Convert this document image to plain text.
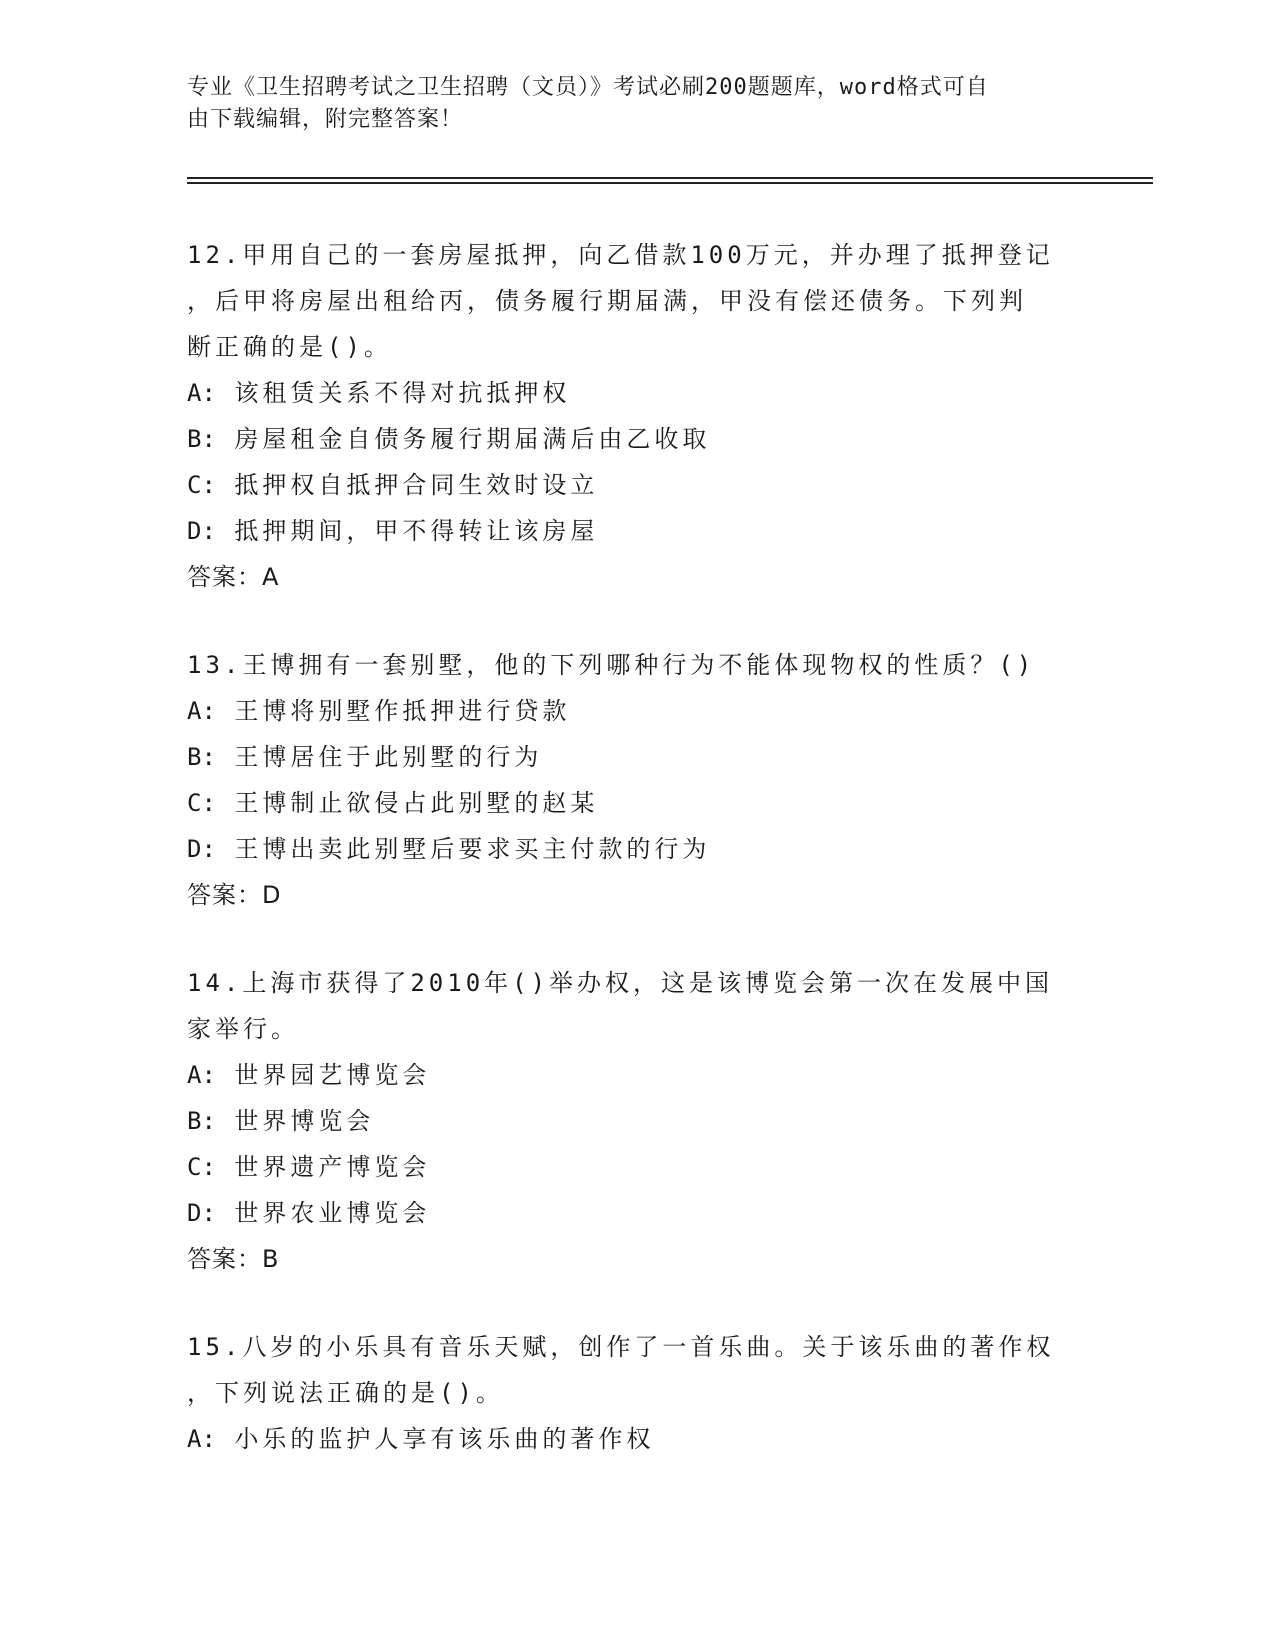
专业《卫生招聘考试之卫生招聘（文员）》考试必刷200题题库，word格式可自
由下载编辑，附完整答案！
12.甲用自己的一套房屋抵押，向乙借款100万元，并办理了抵押登记
，后甲将房屋出租给丙，债务履行期届满，甲没有偿还债务。下列判
断正确的是()。
A: 该租赁关系不得对抗抵押权
B: 房屋租金自债务履行期届满后由乙收取
C: 抵押权自抵押合同生效时设立
D: 抵押期间，甲不得转让该房屋
答案：A
13.王博拥有一套别墅，他的下列哪种行为不能体现物权的性质？()
A: 王博将别墅作抵押进行贷款
B: 王博居住于此别墅的行为
C: 王博制止欲侵占此别墅的赵某
D: 王博出卖此别墅后要求买主付款的行为
答案：D
14.上海市获得了2010年()举办权，这是该博览会第一次在发展中国
家举行。
A: 世界园艺博览会
B: 世界博览会
C: 世界遗产博览会
D: 世界农业博览会
答案：B
15.八岁的小乐具有音乐天赋，创作了一首乐曲。关于该乐曲的著作权
，下列说法正确的是()。
A: 小乐的监护人享有该乐曲的著作权
